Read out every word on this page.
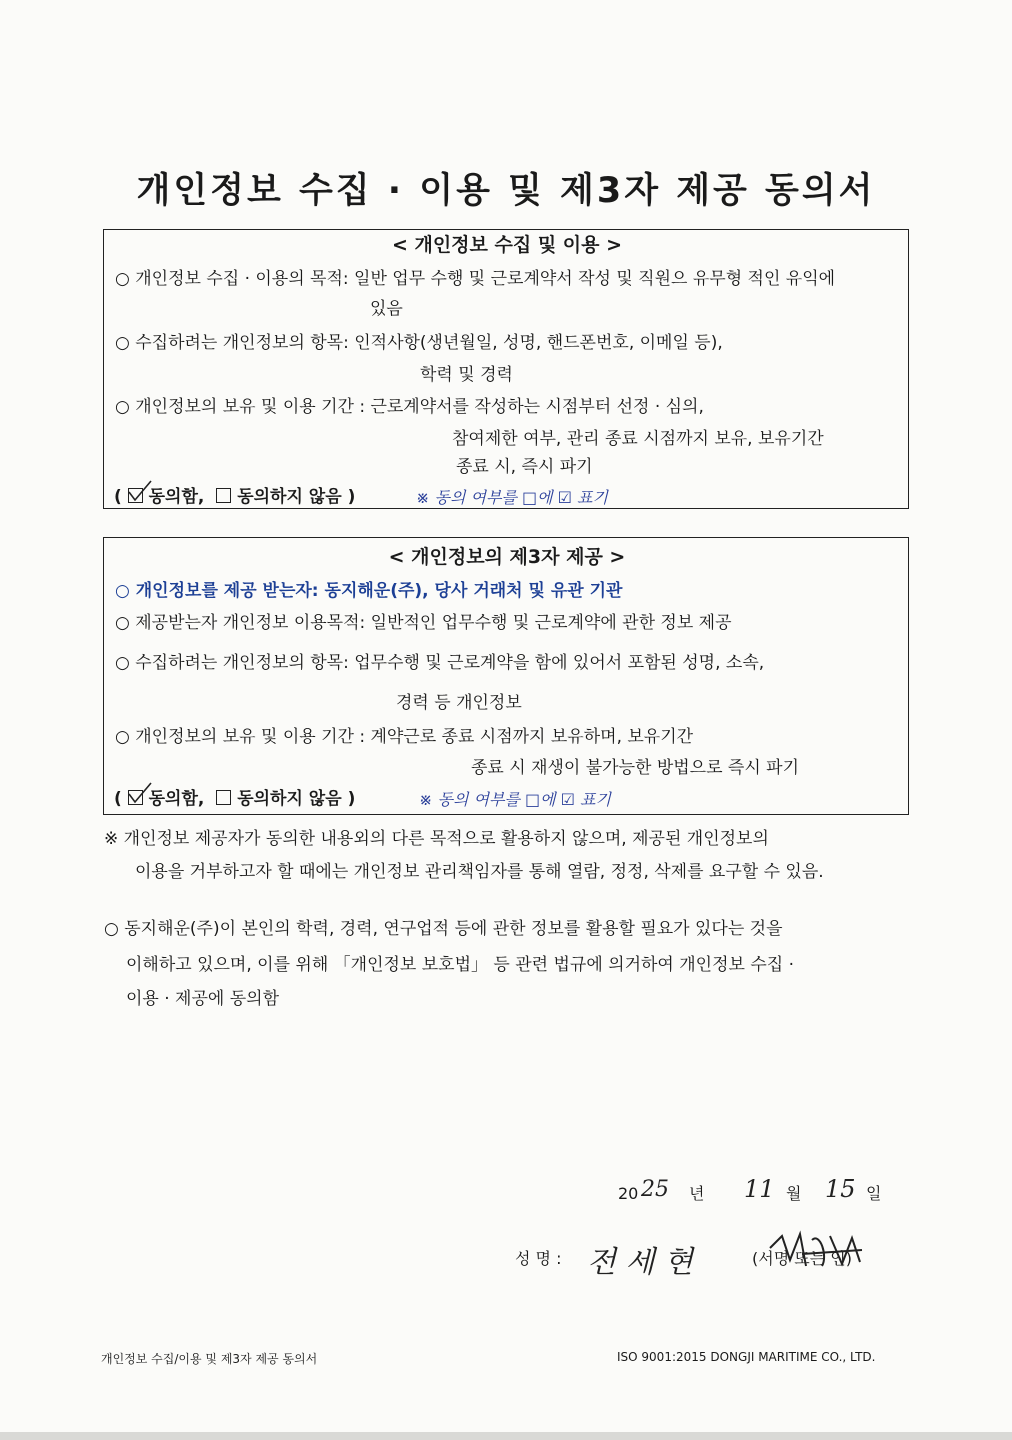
개인정보 수집 · 이용 및 제3자 제공 동의서
< 개인정보 수집 및 이용 >
○ 개인정보 수집 · 이용의 목적: 일반 업무 수행 및 근로계약서 작성 및 직원으 유무형 적인 유익에
있음
○ 수집하려는 개인정보의 항목: 인적사항(생년월일, 성명, 핸드폰번호, 이메일 등),
학력 및 경력
○ 개인정보의 보유 및 이용 기간 : 근로계약서를 작성하는 시점부터 선정 · 심의,
참여제한 여부, 관리 종료 시점까지 보유, 보유기간
종료 시, 즉시 파기
( 동의함, 동의하지 않음 )	※ 동의 여부를 □에 ☑ 표기
< 개인정보의 제3자 제공 >
○ 개인정보를 제공 받는자: 동지해운(주), 당사 거래처 및 유관 기관
○ 제공받는자 개인정보 이용목적: 일반적인 업무수행 및 근로계약에 관한 정보 제공
○ 수집하려는 개인정보의 항목: 업무수행 및 근로계약을 함에 있어서 포함된 성명, 소속,
경력 등 개인정보
○ 개인정보의 보유 및 이용 기간 : 계약근로 종료 시점까지 보유하며, 보유기간
종료 시 재생이 불가능한 방법으로 즉시 파기
( 동의함, 동의하지 않음 )	※ 동의 여부를 □에 ☑ 표기
※ 개인정보 제공자가 동의한 내용외의 다른 목적으로 활용하지 않으며, 제공된 개인정보의
이용을 거부하고자 할 때에는 개인정보 관리책임자를 통해 열람, 정정, 삭제를 요구할 수 있음.
○ 동지해운(주)이 본인의 학력, 경력, 연구업적 등에 관한 정보를 활용할 필요가 있다는 것을
이해하고 있으며, 이를 위해 「개인정보 보호법」 등 관련 법규에 의거하여 개인정보 수집 ·
이용 · 제공에 동의함
20 25 년 11 월 15 일
성 명 : 전 세 현	(서명 또는 인)
개인정보 수집/이용 및 제3자 제공 동의서	ISO 9001:2015 DONGJI MARITIME CO., LTD.
